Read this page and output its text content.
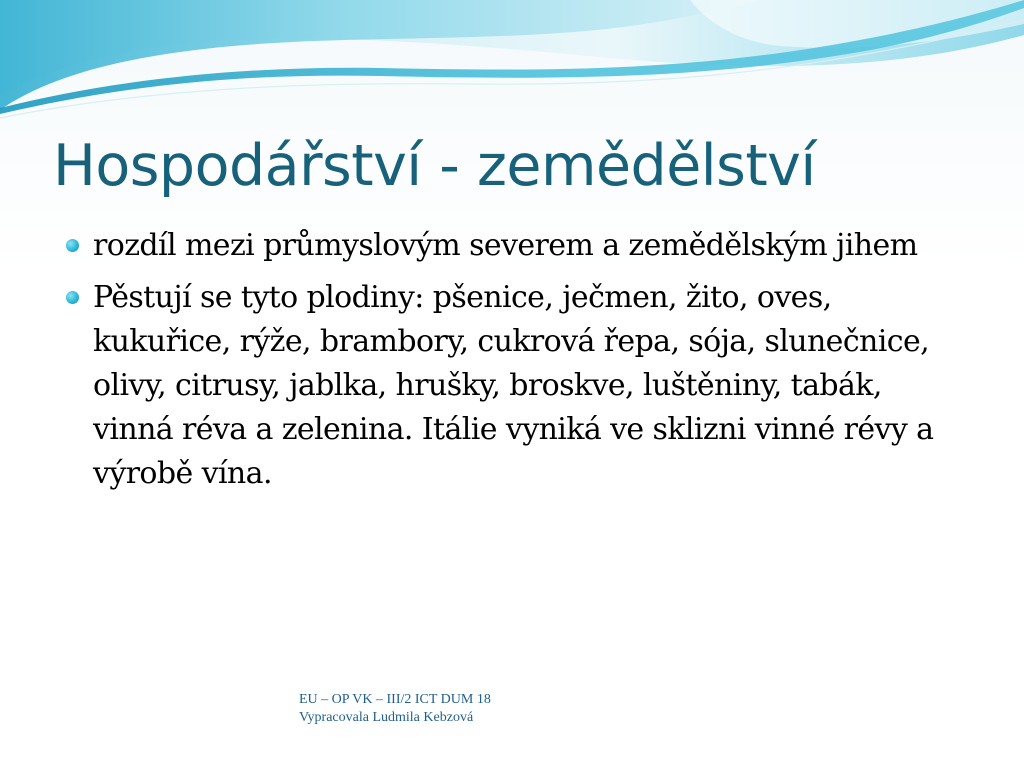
Hospodářství - zemědělství
rozdíl mezi průmyslovým severem a zemědělským jihem
Pěstují se tyto plodiny: pšenice, ječmen, žito, oves, kukuřice, rýže, brambory, cukrová řepa, sója, slunečnice, olivy, citrusy, jablka, hrušky, broskve, luštěniny, tabák, vinná réva a zelenina. Itálie vyniká ve sklizni vinné révy a výrobě vína.
EU – OP VK – III/2 ICT DUM 18
Vypracovala Ludmila Kebzová
